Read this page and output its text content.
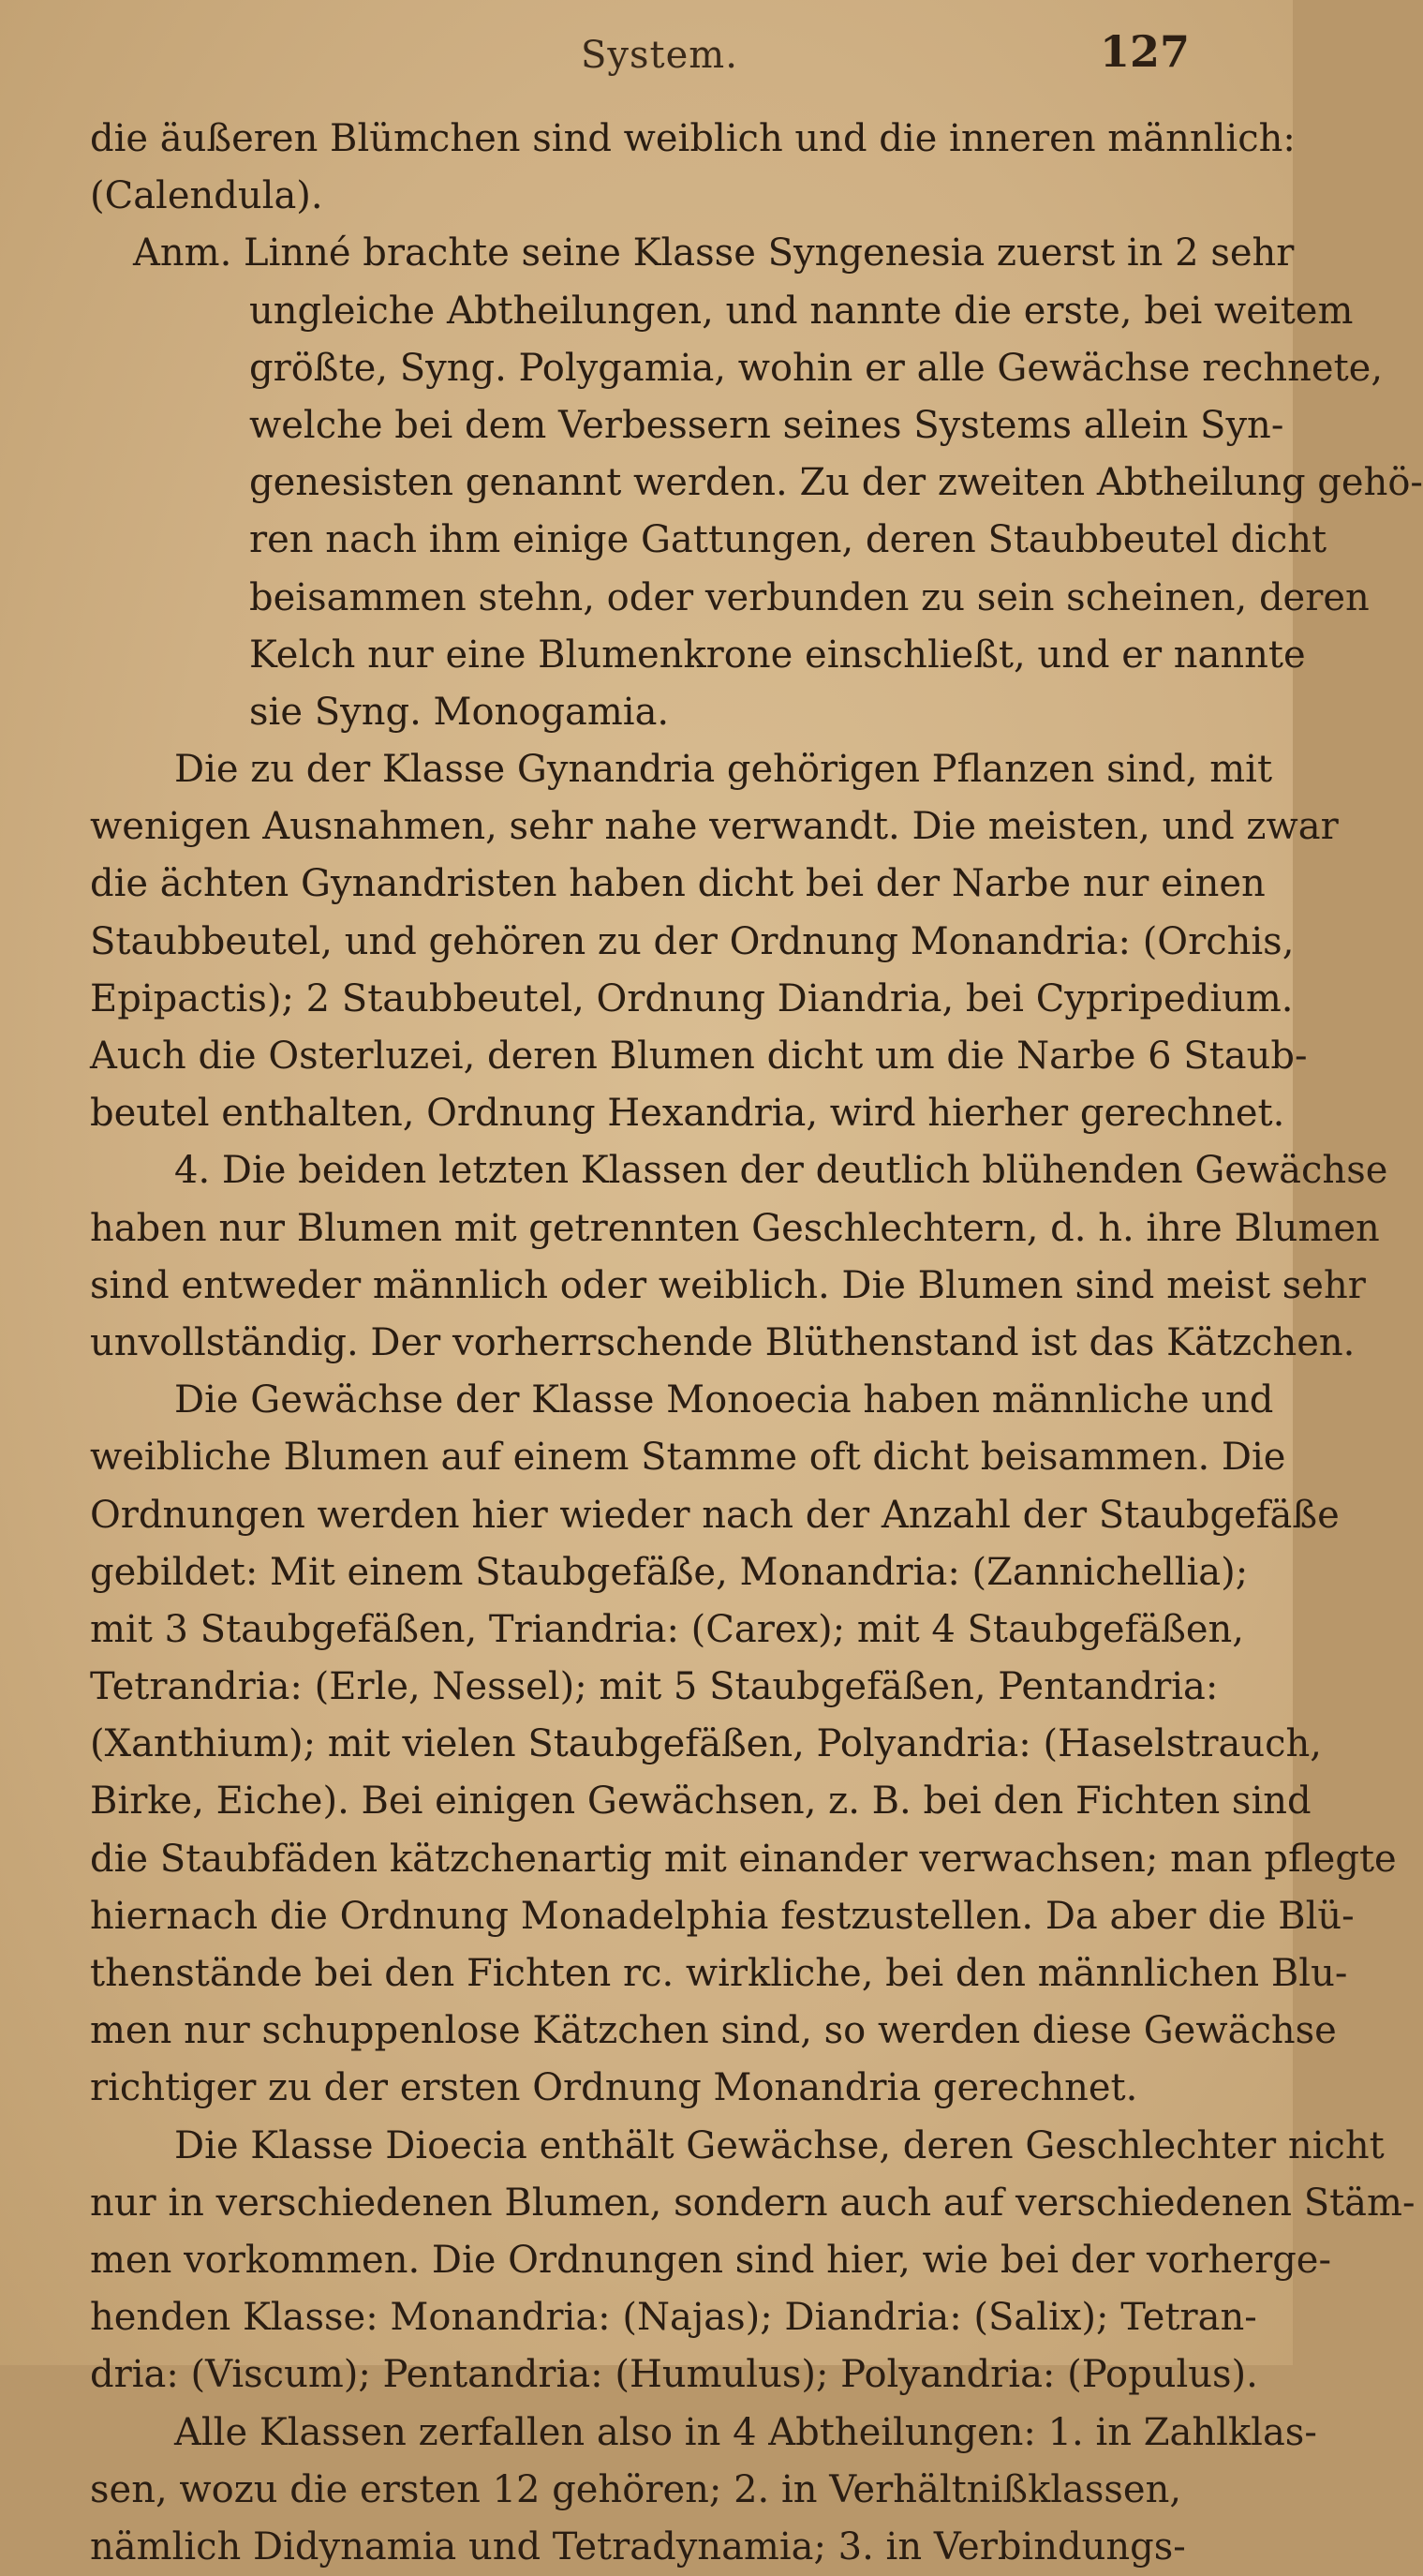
System.	127
die äußeren Blümchen sind weiblich und die inneren männlich:
(Calendula).
Anm. Linné brachte seine Klasse Syngenesia zuerst in 2 sehr
ungleiche Abtheilungen, und nannte die erste, bei weitem
größte, Syng. Polygamia, wohin er alle Gewächse rechnete,
welche bei dem Verbessern seines Systems allein Syn-
genesisten genannt werden. Zu der zweiten Abtheilung gehö-
ren nach ihm einige Gattungen, deren Staubbeutel dicht
beisammen stehn, oder verbunden zu sein scheinen, deren
Kelch nur eine Blumenkrone einschließt, und er nannte
sie Syng. Monogamia.
Die zu der Klasse Gynandria gehörigen Pflanzen sind, mit
wenigen Ausnahmen, sehr nahe verwandt. Die meisten, und zwar
die ächten Gynandristen haben dicht bei der Narbe nur einen
Staubbeutel, und gehören zu der Ordnung Monandria: (Orchis,
Epipactis); 2 Staubbeutel, Ordnung Diandria, bei Cypripedium.
Auch die Osterluzei, deren Blumen dicht um die Narbe 6 Staub-
beutel enthalten, Ordnung Hexandria, wird hierher gerechnet.
4. Die beiden letzten Klassen der deutlich blühenden Gewächse
haben nur Blumen mit getrennten Geschlechtern, d. h. ihre Blumen
sind entweder männlich oder weiblich. Die Blumen sind meist sehr
unvollständig. Der vorherrschende Blüthenstand ist das Kätzchen.
Die Gewächse der Klasse Monoecia haben männliche und
weibliche Blumen auf einem Stamme oft dicht beisammen. Die
Ordnungen werden hier wieder nach der Anzahl der Staubgefäße
gebildet: Mit einem Staubgefäße, Monandria: (Zannichellia);
mit 3 Staubgefäßen, Triandria: (Carex); mit 4 Staubgefäßen,
Tetrandria: (Erle, Nessel); mit 5 Staubgefäßen, Pentandria:
(Xanthium); mit vielen Staubgefäßen, Polyandria: (Haselstrauch,
Birke, Eiche). Bei einigen Gewächsen, z. B. bei den Fichten sind
die Staubfäden kätzchenartig mit einander verwachsen; man pflegte
hiernach die Ordnung Monadelphia festzustellen. Da aber die Blü-
thenstände bei den Fichten rc. wirkliche, bei den männlichen Blu-
men nur schuppenlose Kätzchen sind, so werden diese Gewächse
richtiger zu der ersten Ordnung Monandria gerechnet.
Die Klasse Dioecia enthält Gewächse, deren Geschlechter nicht
nur in verschiedenen Blumen, sondern auch auf verschiedenen Stäm-
men vorkommen. Die Ordnungen sind hier, wie bei der vorherge-
henden Klasse: Monandria: (Najas); Diandria: (Salix); Tetran-
dria: (Viscum); Pentandria: (Humulus); Polyandria: (Populus).
Alle Klassen zerfallen also in 4 Abtheilungen: 1. in Zahlklas-
sen, wozu die ersten 12 gehören; 2. in Verhältnißklassen,
nämlich Didynamia und Tetradynamia; 3. in Verbindungs-
